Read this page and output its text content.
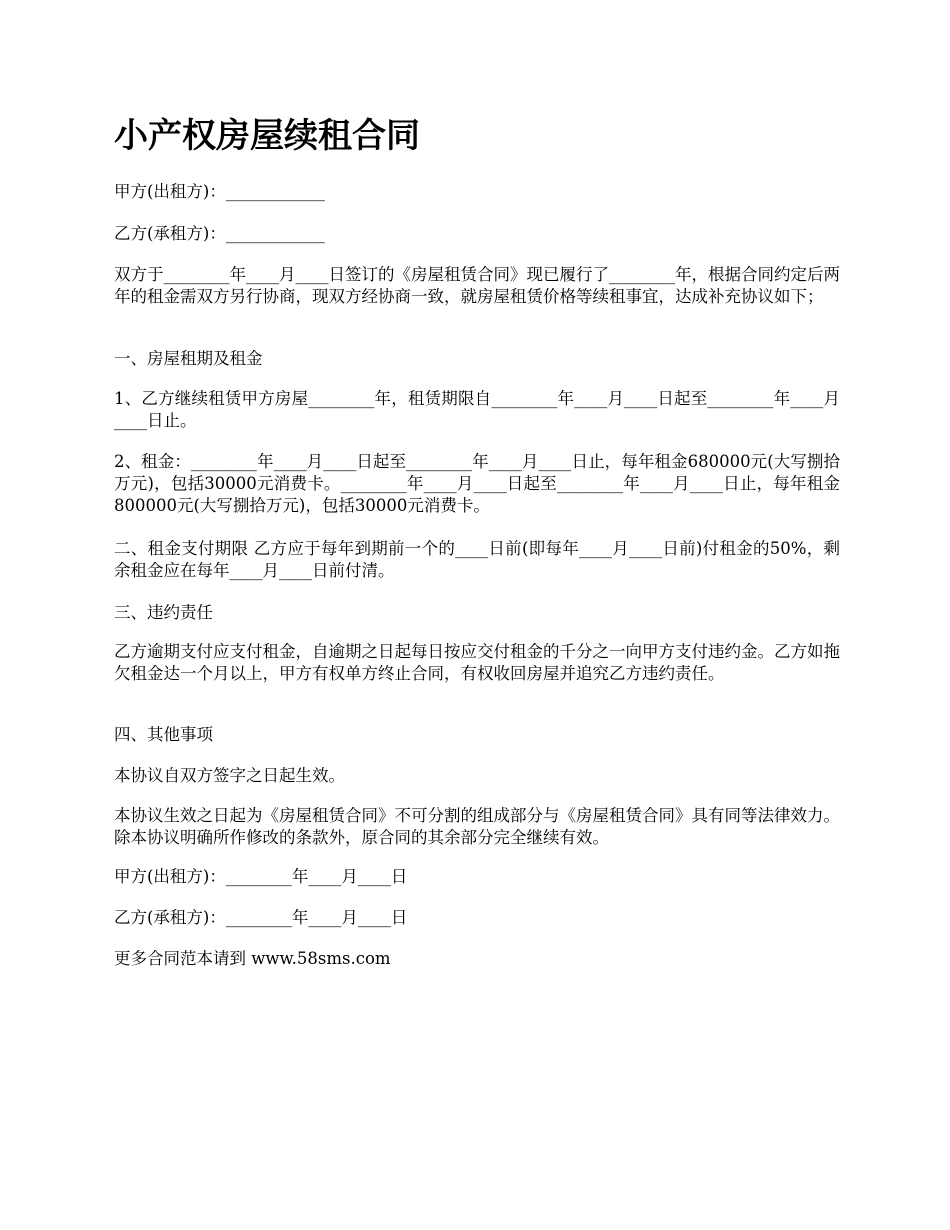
小产权房屋续租合同

甲方(出租方)：____________

乙方(承租方)：____________

双方于________年____月____日签订的《房屋租赁合同》现已履行了________年，根据合同约定后两年的租金需双方另行协商，现双方经协商一致，就房屋租赁价格等续租事宜，达成补充协议如下；

一、房屋租期及租金

1、乙方继续租赁甲方房屋________年，租赁期限自________年____月____日起至________年____月____日止。

2、租金：________年____月____日起至________年____月____日止，每年租金680000元(大写捌拾万元)，包括30000元消费卡。________年____月____日起至________年____月____日止，每年租金800000元(大写捌拾万元)，包括30000元消费卡。

二、租金支付期限 乙方应于每年到期前一个的____日前(即每年____月____日前)付租金的50%，剩余租金应在每年____月____日前付清。

三、违约责任

乙方逾期支付应支付租金，自逾期之日起每日按应交付租金的千分之一向甲方支付违约金。乙方如拖欠租金达一个月以上，甲方有权单方终止合同，有权收回房屋并追究乙方违约责任。

四、其他事项

本协议自双方签字之日起生效。

本协议生效之日起为《房屋租赁合同》不可分割的组成部分与《房屋租赁合同》具有同等法律效力。除本协议明确所作修改的条款外，原合同的其余部分完全继续有效。

甲方(出租方)：________年____月____日

乙方(承租方)：________年____月____日

更多合同范本请到 www.58sms.com
